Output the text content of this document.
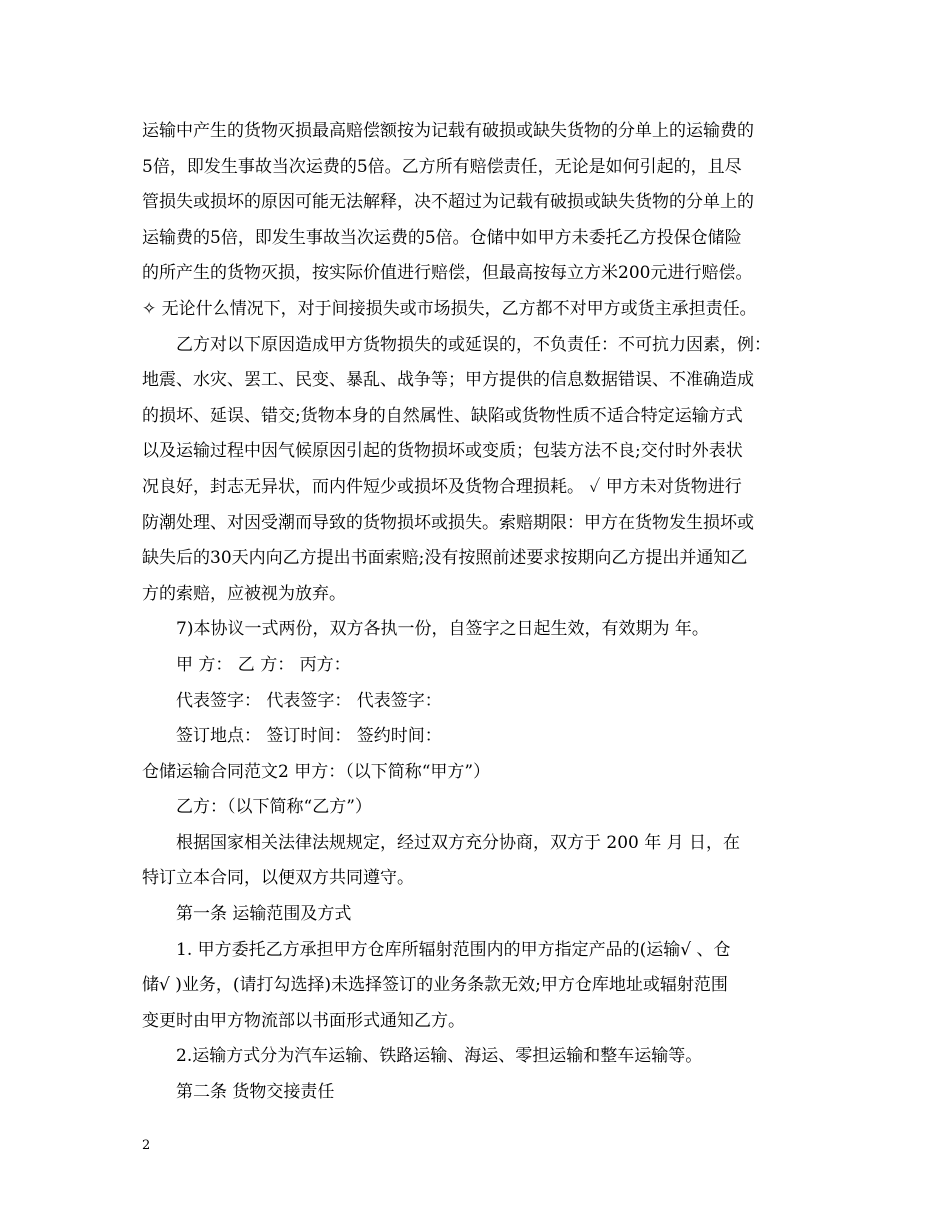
运输中产生的货物灭损最高赔偿额按为记载有破损或缺失货物的分单上的运输费的
5倍，即发生事故当次运费的5倍。乙方所有赔偿责任，无论是如何引起的，且尽
管损失或损坏的原因可能无法解释，决不超过为记载有破损或缺失货物的分单上的
运输费的5倍，即发生事故当次运费的5倍。仓储中如甲方未委托乙方投保仓储险
的所产生的货物灭损，按实际价值进行赔偿，但最高按每立方米200元进行赔偿。
✧ 无论什么情况下，对于间接损失或市场损失，乙方都不对甲方或货主承担责任。
乙方对以下原因造成甲方货物损失的或延误的，不负责任：不可抗力因素，例：
地震、水灾、罢工、民变、暴乱、战争等；甲方提供的信息数据错误、不准确造成
的损坏、延误、错交;货物本身的自然属性、缺陷或货物性质不适合特定运输方式
以及运输过程中因气候原因引起的货物损坏或变质；包装方法不良;交付时外表状
况良好，封志无异状，而内件短少或损坏及货物合理损耗。 ✓ 甲方未对货物进行
防潮处理、对因受潮而导致的货物损坏或损失。索赔期限：甲方在货物发生损坏或
缺失后的30天内向乙方提出书面索赔;没有按照前述要求按期向乙方提出并通知乙
方的索赔，应被视为放弃。
7)本协议一式两份，双方各执一份，自签字之日起生效，有效期为 年。
甲 方： 乙 方： 丙方：
代表签字： 代表签字： 代表签字：
签订地点： 签订时间： 签约时间：
仓储运输合同范文2 甲方：（以下简称“甲方”）
乙方：（以下简称“乙方”）
根据国家相关法律法规规定，经过双方充分协商，双方于 200 年 月 日，在
特订立本合同，以便双方共同遵守。
第一条 运输范围及方式
1. 甲方委托乙方承担甲方仓库所辐射范围内的甲方指定产品的(运输√ 、仓
储√ )业务，(请打勾选择)未选择签订的业务条款无效;甲方仓库地址或辐射范围
变更时由甲方物流部以书面形式通知乙方。
2.运输方式分为汽车运输、铁路运输、海运、零担运输和整车运输等。
第二条 货物交接责任
2
